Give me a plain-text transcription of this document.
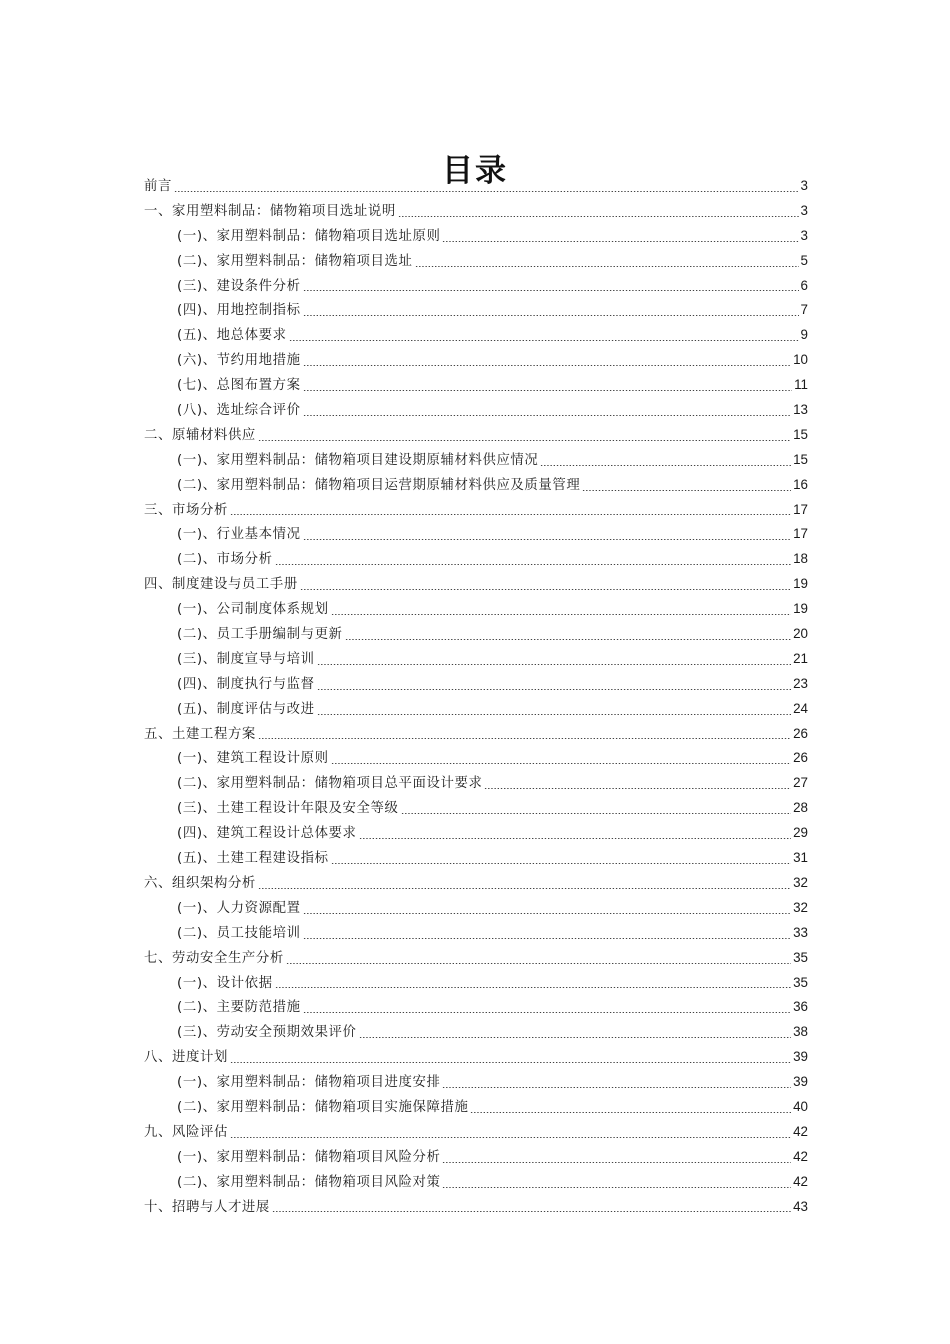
目录
前言	3
一、家用塑料制品：储物箱项目选址说明	3
(一)、家用塑料制品：储物箱项目选址原则	3
(二)、家用塑料制品：储物箱项目选址	5
(三)、建设条件分析	6
(四)、用地控制指标	7
(五)、地总体要求	9
(六)、节约用地措施	10
(七)、总图布置方案	11
(八)、选址综合评价	13
二、原辅材料供应	15
(一)、家用塑料制品：储物箱项目建设期原辅材料供应情况	15
(二)、家用塑料制品：储物箱项目运营期原辅材料供应及质量管理	16
三、市场分析	17
(一)、行业基本情况	17
(二)、市场分析	18
四、制度建设与员工手册	19
(一)、公司制度体系规划	19
(二)、员工手册编制与更新	20
(三)、制度宣导与培训	21
(四)、制度执行与监督	23
(五)、制度评估与改进	24
五、土建工程方案	26
(一)、建筑工程设计原则	26
(二)、家用塑料制品：储物箱项目总平面设计要求	27
(三)、土建工程设计年限及安全等级	28
(四)、建筑工程设计总体要求	29
(五)、土建工程建设指标	31
六、组织架构分析	32
(一)、人力资源配置	32
(二)、员工技能培训	33
七、劳动安全生产分析	35
(一)、设计依据	35
(二)、主要防范措施	36
(三)、劳动安全预期效果评价	38
八、进度计划	39
(一)、家用塑料制品：储物箱项目进度安排	39
(二)、家用塑料制品：储物箱项目实施保障措施	40
九、风险评估	42
(一)、家用塑料制品：储物箱项目风险分析	42
(二)、家用塑料制品：储物箱项目风险对策	42
十、招聘与人才进展	43
